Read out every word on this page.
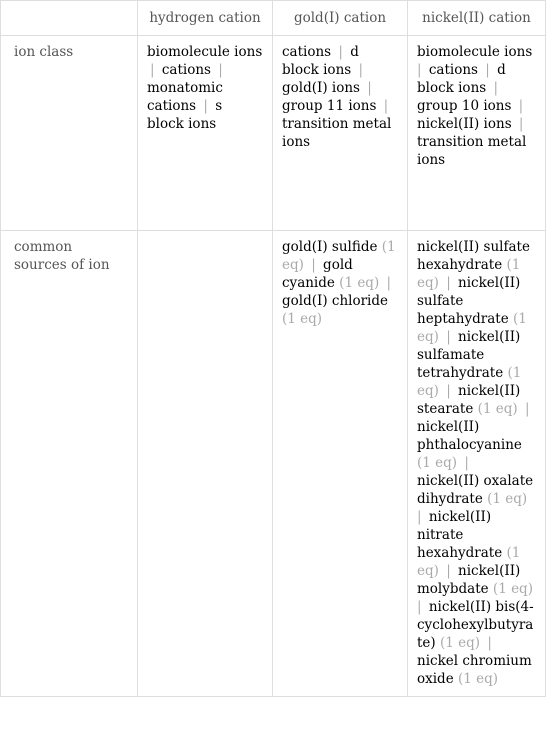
	hydrogen cation	gold(I) cation	nickel(II) cation
ion class	biomolecule ions | cations | monatomic cations | s block ions	cations | d block ions | gold(I) ions | group 11 ions | transition metal ions	biomolecule ions | cations | d block ions | group 10 ions | nickel(II) ions | transition metal ions
common sources of ion		gold(I) sulfide (1 eq) | gold cyanide (1 eq) | gold(I) chloride (1 eq)	nickel(II) sulfate hexahydrate (1 eq) | nickel(II) sulfate heptahydrate (1 eq) | nickel(II) sulfamate tetrahydrate (1 eq) | nickel(II) stearate (1 eq) | nickel(II) phthalocyanine (1 eq) | nickel(II) oxalate dihydrate (1 eq) | nickel(II) nitrate hexahydrate (1 eq) | nickel(II) molybdate (1 eq) | nickel(II) bis(4-cyclohexylbutyrate) (1 eq) | nickel chromium oxide (1 eq)
